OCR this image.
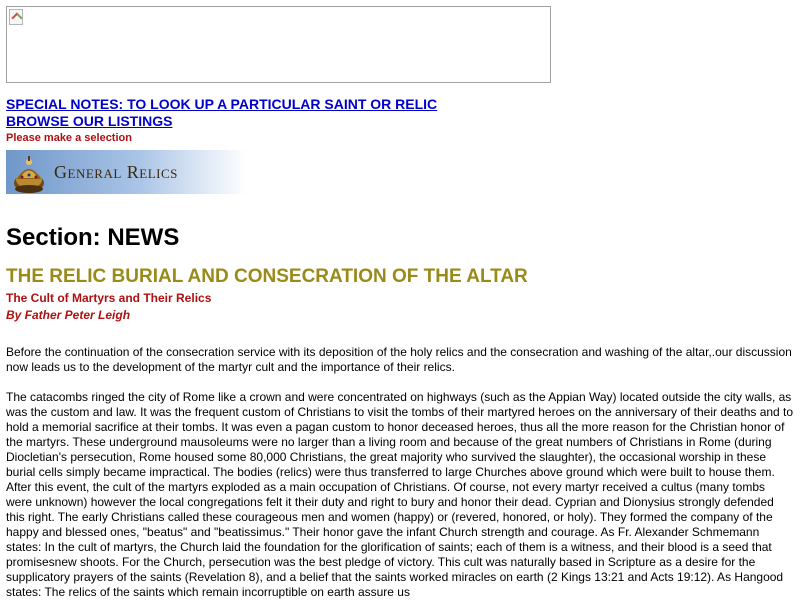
SPECIAL NOTES: TO LOOK UP A PARTICULAR SAINT OR RELIC
BROWSE OUR LISTINGS
Please make a selection
General Relics
Section: NEWS
THE RELIC BURIAL AND CONSECRATION OF THE ALTAR
The Cult of Martyrs and Their Relics
By Father Peter Leigh

Before the continuation of the consecration service with its deposition of the holy relics and the consecration and washing of the altar,.our discussion now leads us to the development of the martyr cult and the importance of their relics.

The catacombs ringed the city of Rome like a crown and were concentrated on highways (such as the Appian Way) located outside the city walls, as was the custom and law. It was the frequent custom of Christians to visit the tombs of their martyred heroes on the anniversary of their deaths and to hold a memorial sacrifice at their tombs. It was even a pagan custom to honor deceased heroes, thus all the more reason for the Christian honor of the martyrs. These underground mausoleums were no larger than a living room and because of the great numbers of Christians in Rome (during Diocletian's persecution, Rome housed some 80,000 Christians, the great majority who survived the slaughter), the occasional worship in these burial cells simply became impractical. The bodies (relics) were thus transferred to large Churches above ground which were built to house them. After this event, the cult of the martyrs exploded as a main occupation of Christians. Of course, not every martyr received a cultus (many tombs were unknown) however the local congregations felt it their duty and right to bury and honor their dead. Cyprian and Dionysius strongly defended this right. The early Christians called these courageous men and women (happy) or (revered, honored, or holy). They formed the company of the happy and blessed ones, "beatus" and "beatissimus." Their honor gave the infant Church strength and courage. As Fr. Alexander Schmemann states: In the cult of martyrs, the Church laid the foundation for the glorification of saints; each of them is a witness, and their blood is a seed that promisesnew shoots. For the Church, persecution was the best pledge of victory. This cult was naturally based in Scripture as a desire for the supplicatory prayers of the saints (Revelation 8), and a belief that the saints worked miracles on earth (2 Kings 13:21 and Acts 19:12). As Hangood states: The relics of the saints which remain incorruptible on earth assure us
